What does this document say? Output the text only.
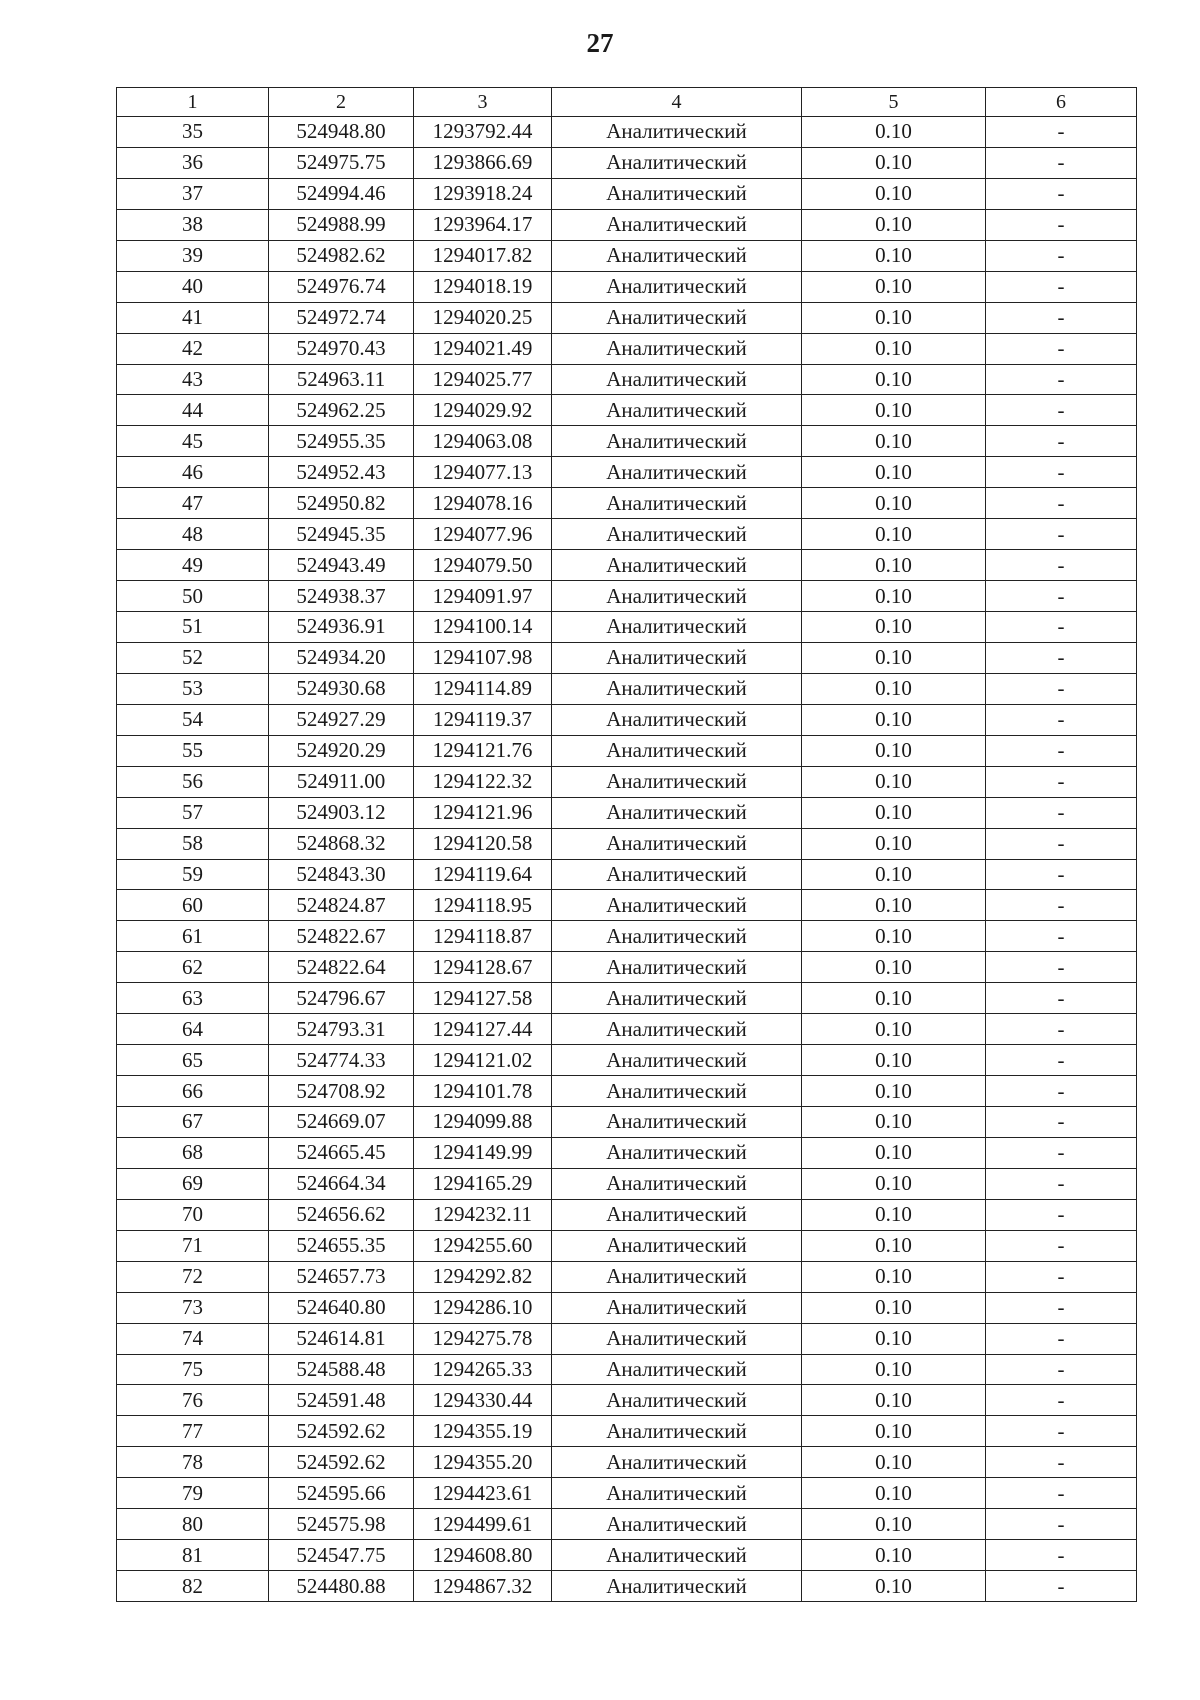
27
1	2	3	4	5	6
35	524948.80	1293792.44	Аналитический	0.10	-
36	524975.75	1293866.69	Аналитический	0.10	-
37	524994.46	1293918.24	Аналитический	0.10	-
38	524988.99	1293964.17	Аналитический	0.10	-
39	524982.62	1294017.82	Аналитический	0.10	-
40	524976.74	1294018.19	Аналитический	0.10	-
41	524972.74	1294020.25	Аналитический	0.10	-
42	524970.43	1294021.49	Аналитический	0.10	-
43	524963.11	1294025.77	Аналитический	0.10	-
44	524962.25	1294029.92	Аналитический	0.10	-
45	524955.35	1294063.08	Аналитический	0.10	-
46	524952.43	1294077.13	Аналитический	0.10	-
47	524950.82	1294078.16	Аналитический	0.10	-
48	524945.35	1294077.96	Аналитический	0.10	-
49	524943.49	1294079.50	Аналитический	0.10	-
50	524938.37	1294091.97	Аналитический	0.10	-
51	524936.91	1294100.14	Аналитический	0.10	-
52	524934.20	1294107.98	Аналитический	0.10	-
53	524930.68	1294114.89	Аналитический	0.10	-
54	524927.29	1294119.37	Аналитический	0.10	-
55	524920.29	1294121.76	Аналитический	0.10	-
56	524911.00	1294122.32	Аналитический	0.10	-
57	524903.12	1294121.96	Аналитический	0.10	-
58	524868.32	1294120.58	Аналитический	0.10	-
59	524843.30	1294119.64	Аналитический	0.10	-
60	524824.87	1294118.95	Аналитический	0.10	-
61	524822.67	1294118.87	Аналитический	0.10	-
62	524822.64	1294128.67	Аналитический	0.10	-
63	524796.67	1294127.58	Аналитический	0.10	-
64	524793.31	1294127.44	Аналитический	0.10	-
65	524774.33	1294121.02	Аналитический	0.10	-
66	524708.92	1294101.78	Аналитический	0.10	-
67	524669.07	1294099.88	Аналитический	0.10	-
68	524665.45	1294149.99	Аналитический	0.10	-
69	524664.34	1294165.29	Аналитический	0.10	-
70	524656.62	1294232.11	Аналитический	0.10	-
71	524655.35	1294255.60	Аналитический	0.10	-
72	524657.73	1294292.82	Аналитический	0.10	-
73	524640.80	1294286.10	Аналитический	0.10	-
74	524614.81	1294275.78	Аналитический	0.10	-
75	524588.48	1294265.33	Аналитический	0.10	-
76	524591.48	1294330.44	Аналитический	0.10	-
77	524592.62	1294355.19	Аналитический	0.10	-
78	524592.62	1294355.20	Аналитический	0.10	-
79	524595.66	1294423.61	Аналитический	0.10	-
80	524575.98	1294499.61	Аналитический	0.10	-
81	524547.75	1294608.80	Аналитический	0.10	-
82	524480.88	1294867.32	Аналитический	0.10	-
